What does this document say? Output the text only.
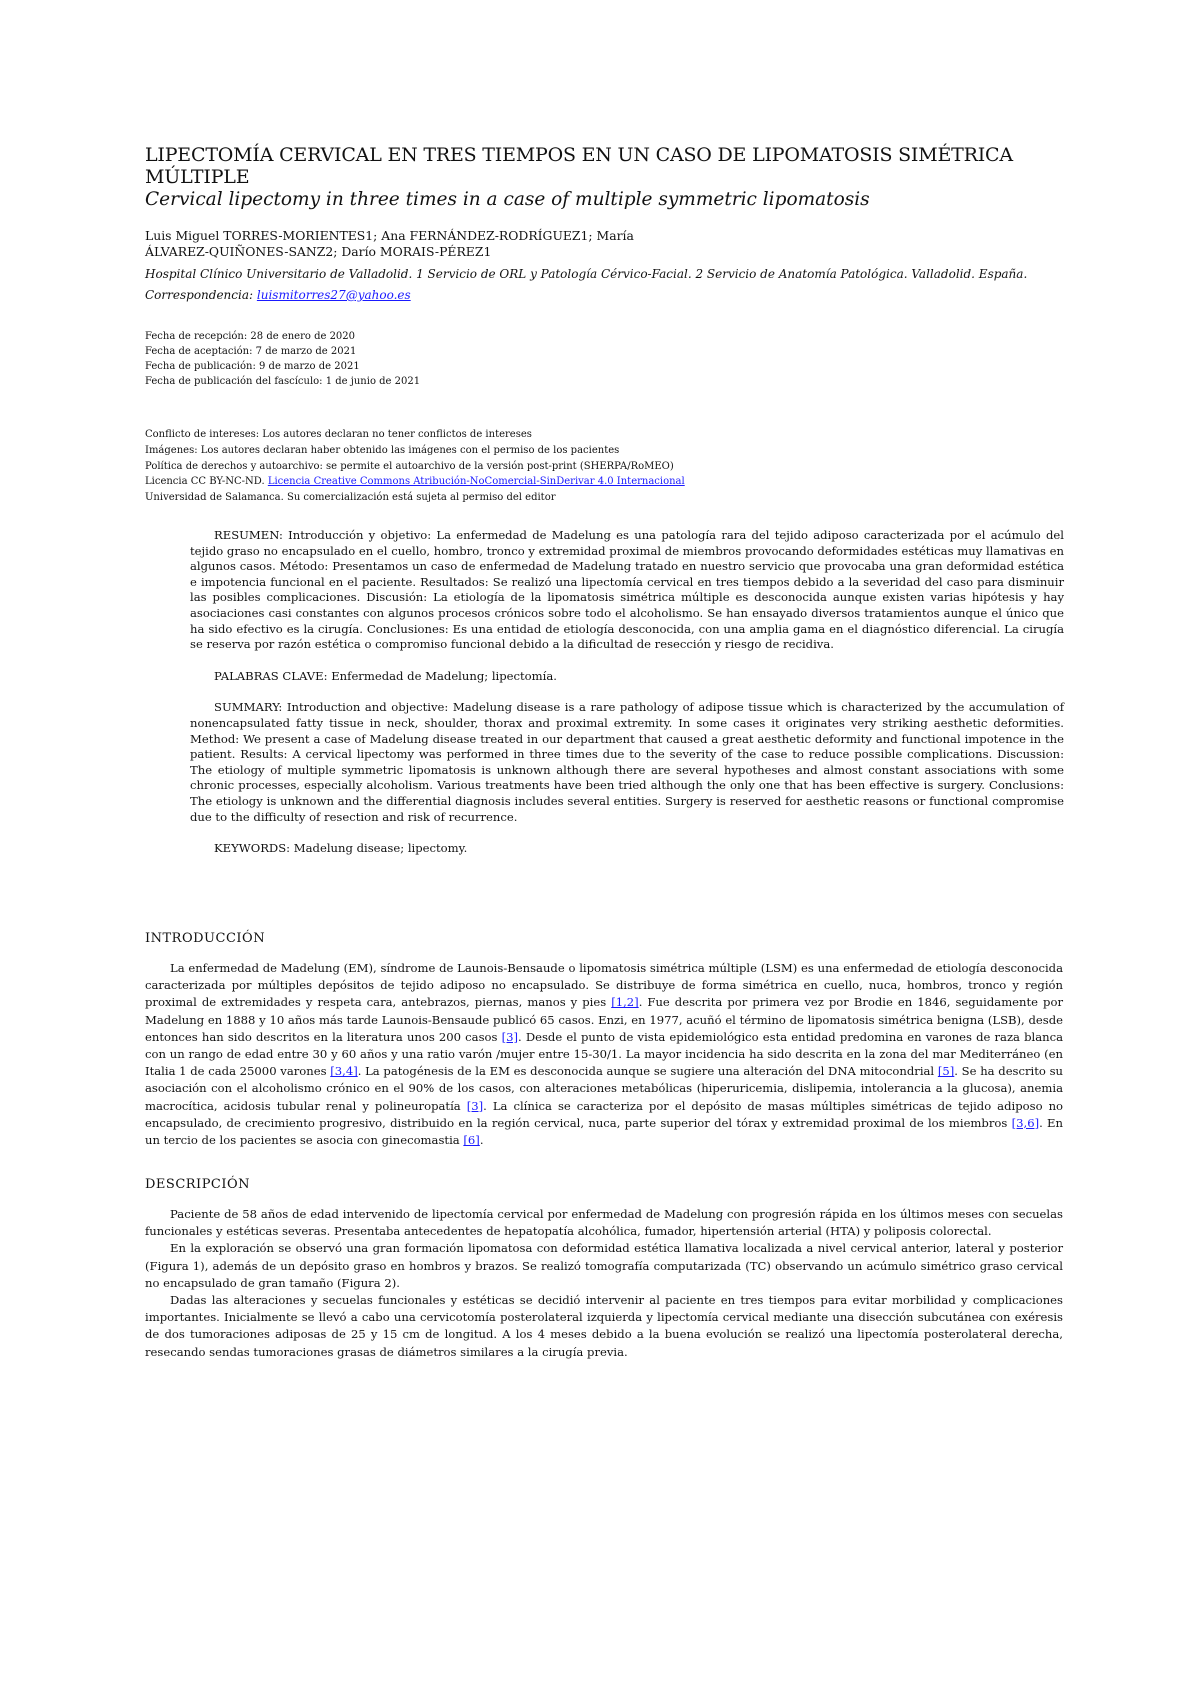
LIPECTOMÍA CERVICAL EN TRES TIEMPOS EN UN CASO DE LIPOMATOSIS SIMÉTRICA MÚLTIPLE
Cervical lipectomy in three times in a case of multiple symmetric lipomatosis
Luis Miguel TORRES-MORIENTES1; Ana FERNÁNDEZ-RODRÍGUEZ1; María ÁLVAREZ-QUIÑONES-SANZ2; Darío MORAIS-PÉREZ1
Hospital Clínico Universitario de Valladolid. 1 Servicio de ORL y Patología Cérvico-Facial. 2 Servicio de Anatomía Patológica. Valladolid. España.
Correspondencia: luismitorres27@yahoo.es
Fecha de recepción: 28 de enero de 2020
Fecha de aceptación: 7 de marzo de 2021
Fecha de publicación: 9 de marzo de 2021
Fecha de publicación del fascículo: 1 de junio de 2021
Conflicto de intereses: Los autores declaran no tener conflictos de intereses
Imágenes: Los autores declaran haber obtenido las imágenes con el permiso de los pacientes
Política de derechos y autoarchivo: se permite el autoarchivo de la versión post-print (SHERPA/RoMEO)
Licencia CC BY-NC-ND. Licencia Creative Commons Atribución-NoComercial-SinDerivar 4.0 Internacional
Universidad de Salamanca. Su comercialización está sujeta al permiso del editor

RESUMEN: Introducción y objetivo: La enfermedad de Madelung es una patología rara del tejido adiposo caracterizada por el acúmulo del tejido graso no encapsulado en el cuello, hombro, tronco y extremidad proximal de miembros provocando deformidades estéticas muy llamativas en algunos casos. Método: Presentamos un caso de enfermedad de Madelung tratado en nuestro servicio que provocaba una gran deformidad estética e impotencia funcional en el paciente. Resultados: Se realizó una lipectomía cervical en tres tiempos debido a la severidad del caso para disminuir las posibles complicaciones. Discusión: La etiología de la lipomatosis simétrica múltiple es desconocida aunque existen varias hipótesis y hay asociaciones casi constantes con algunos procesos crónicos sobre todo el alcoholismo. Se han ensayado diversos tratamientos aunque el único que ha sido efectivo es la cirugía. Conclusiones: Es una entidad de etiología desconocida, con una amplia gama en el diagnóstico diferencial. La cirugía se reserva por razón estética o compromiso funcional debido a la dificultad de resección y riesgo de recidiva.

PALABRAS CLAVE: Enfermedad de Madelung; lipectomía.

SUMMARY: Introduction and objective: Madelung disease is a rare pathology of adipose tissue which is characterized by the accumulation of nonencapsulated fatty tissue in neck, shoulder, thorax and proximal extremity. In some cases it originates very striking aesthetic deformities. Method: We present a case of Madelung disease treated in our department that caused a great aesthetic deformity and functional impotence in the patient. Results: A cervical lipectomy was performed in three times due to the severity of the case to reduce possible complications. Discussion: The etiology of multiple symmetric lipomatosis is unknown although there are several hypotheses and almost constant associations with some chronic processes, especially alcoholism. Various treatments have been tried although the only one that has been effective is surgery. Conclusions: The etiology is unknown and the differential diagnosis includes several entities. Surgery is reserved for aesthetic reasons or functional compromise due to the difficulty of resection and risk of recurrence.

KEYWORDS: Madelung disease; lipectomy.

INTRODUCCIÓN

La enfermedad de Madelung (EM), síndrome de Launois-Bensaude o lipomatosis simétrica múltiple (LSM) es una enfermedad de etiología desconocida caracterizada por múltiples depósitos de tejido adiposo no encapsulado. Se distribuye de forma simétrica en cuello, nuca, hombros, tronco y región proximal de extremidades y respeta cara, antebrazos, piernas, manos y pies [1,2]. Fue descrita por primera vez por Brodie en 1846, seguidamente por Madelung en 1888 y 10 años más tarde Launois-Bensaude publicó 65 casos. Enzi, en 1977, acuñó el término de lipomatosis simétrica benigna (LSB), desde entonces han sido descritos en la literatura unos 200 casos [3]. Desde el punto de vista epidemiológico esta entidad predomina en varones de raza blanca con un rango de edad entre 30 y 60 años y una ratio varón /mujer entre 15-30/1. La mayor incidencia ha sido descrita en la zona del mar Mediterráneo (en Italia 1 de cada 25000 varones [3,4]. La patogénesis de la EM es desconocida aunque se sugiere una alteración del DNA mitocondrial [5]. Se ha descrito su asociación con el alcoholismo crónico en el 90% de los casos, con alteraciones metabólicas (hiperuricemia, dislipemia, intolerancia a la glucosa), anemia macrocítica, acidosis tubular renal y polineuropatía [3]. La clínica se caracteriza por el depósito de masas múltiples simétricas de tejido adiposo no encapsulado, de crecimiento progresivo, distribuido en la región cervical, nuca, parte superior del tórax y extremidad proximal de los miembros [3,6]. En un tercio de los pacientes se asocia con ginecomastia [6].

DESCRIPCIÓN

Paciente de 58 años de edad intervenido de lipectomía cervical por enfermedad de Madelung con progresión rápida en los últimos meses con secuelas funcionales y estéticas severas. Presentaba antecedentes de hepatopatía alcohólica, fumador, hipertensión arterial (HTA) y poliposis colorectal.

En la exploración se observó una gran formación lipomatosa con deformidad estética llamativa localizada a nivel cervical anterior, lateral y posterior (Figura 1), además de un depósito graso en hombros y brazos. Se realizó tomografía computarizada (TC) observando un acúmulo simétrico graso cervical no encapsulado de gran tamaño (Figura 2).

Dadas las alteraciones y secuelas funcionales y estéticas se decidió intervenir al paciente en tres tiempos para evitar morbilidad y complicaciones importantes. Inicialmente se llevó a cabo una cervicotomía posterolateral izquierda y lipectomía cervical mediante una disección subcutánea con exéresis de dos tumoraciones adiposas de 25 y 15 cm de longitud. A los 4 meses debido a la buena evolución se realizó una lipectomía posterolateral derecha, resecando sendas tumoraciones grasas de diámetros similares a la cirugía previa.
